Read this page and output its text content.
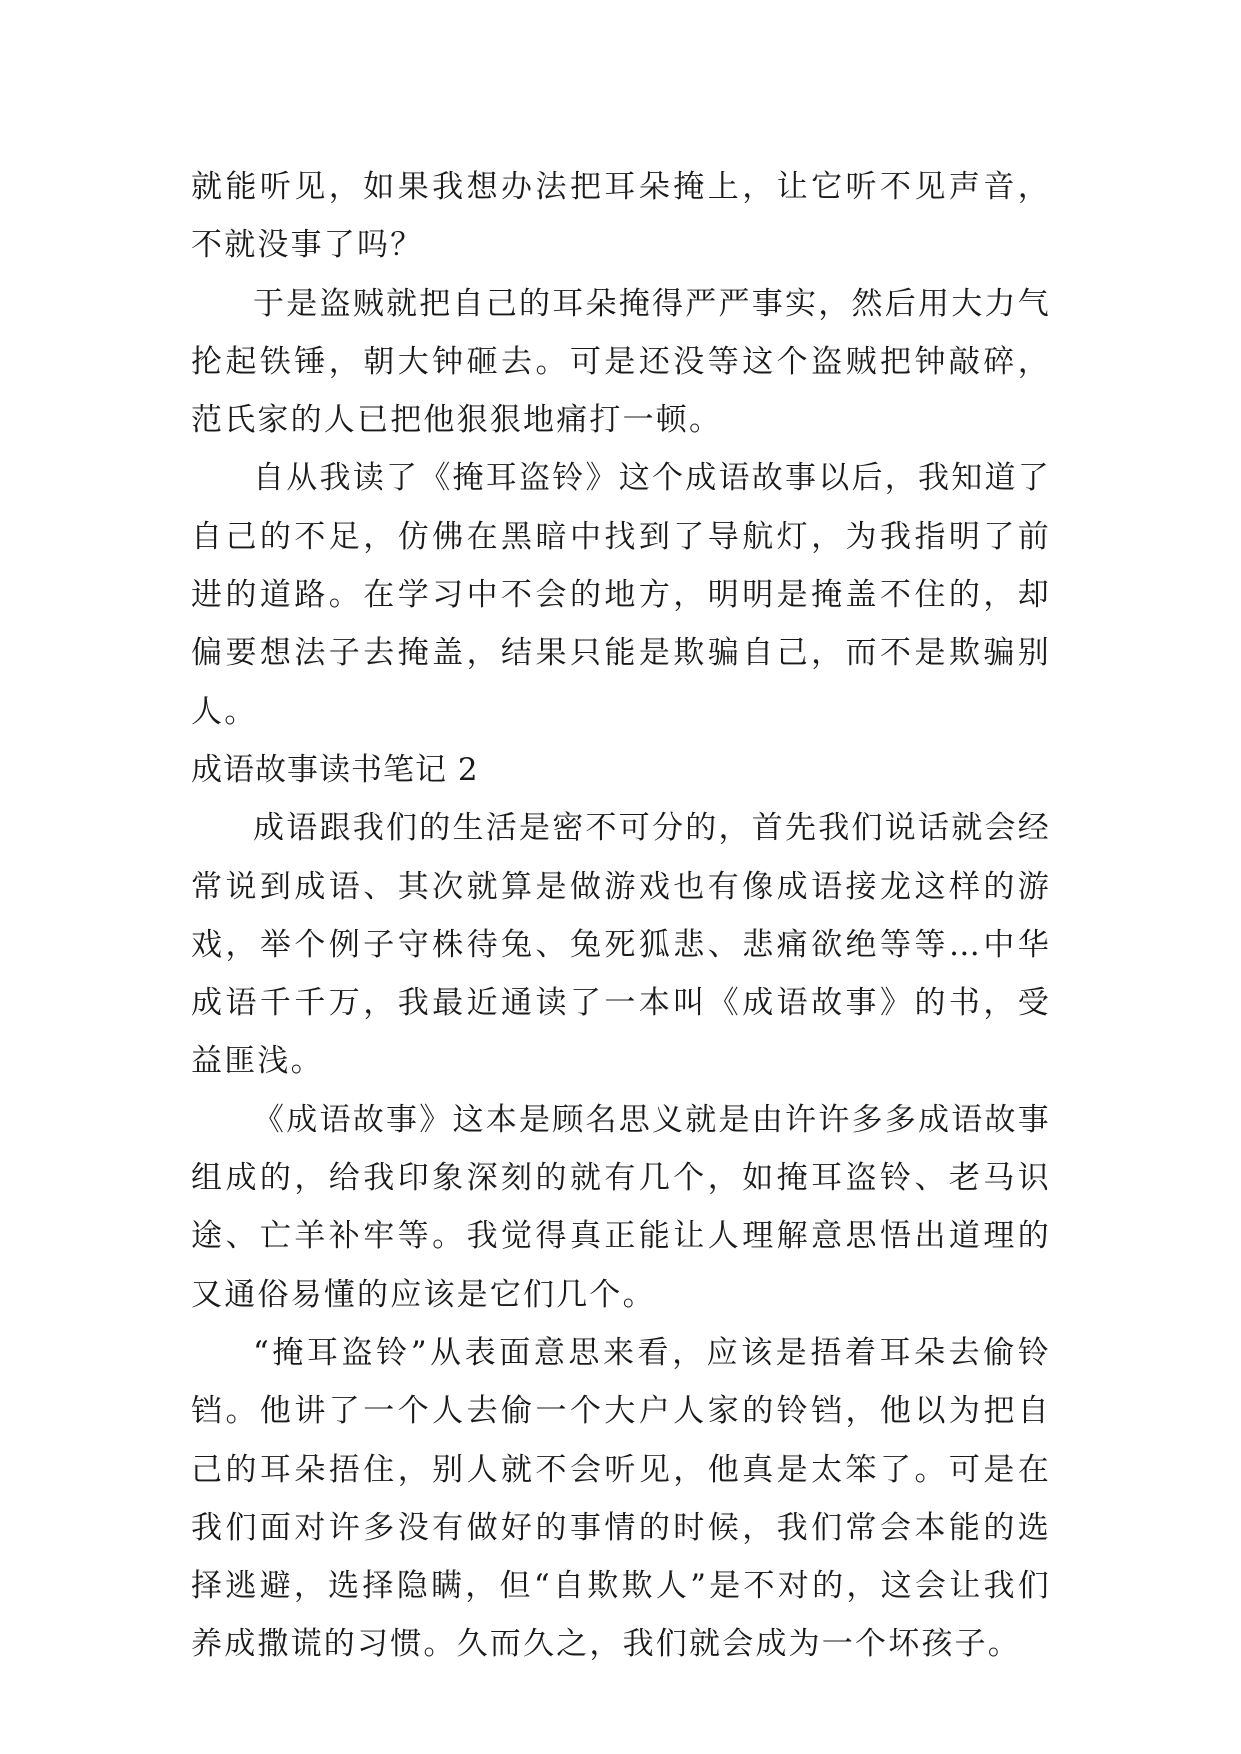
就能听见，如果我想办法把耳朵掩上，让它听不见声音，不就没事了吗？

于是盗贼就把自己的耳朵掩得严严事实，然后用大力气抡起铁锤，朝大钟砸去。可是还没等这个盗贼把钟敲碎，范氏家的人已把他狠狠地痛打一顿。

自从我读了《掩耳盗铃》这个成语故事以后，我知道了自己的不足，仿佛在黑暗中找到了导航灯，为我指明了前进的道路。在学习中不会的地方，明明是掩盖不住的，却偏要想法子去掩盖，结果只能是欺骗自己，而不是欺骗别人。

成语故事读书笔记 2

成语跟我们的生活是密不可分的，首先我们说话就会经常说到成语、其次就算是做游戏也有像成语接龙这样的游戏，举个例子守株待兔、兔死狐悲、悲痛欲绝等等…中华成语千千万，我最近通读了一本叫《成语故事》的书，受益匪浅。

《成语故事》这本是顾名思义就是由许许多多成语故事组成的，给我印象深刻的就有几个，如掩耳盗铃、老马识途、亡羊补牢等。我觉得真正能让人理解意思悟出道理的又通俗易懂的应该是它们几个。

“掩耳盗铃”从表面意思来看，应该是捂着耳朵去偷铃铛。他讲了一个人去偷一个大户人家的铃铛，他以为把自己的耳朵捂住，别人就不会听见，他真是太笨了。可是在我们面对许多没有做好的事情的时候，我们常会本能的选择逃避，选择隐瞒，但“自欺欺人”是不对的，这会让我们养成撒谎的习惯。久而久之，我们就会成为一个坏孩子。
